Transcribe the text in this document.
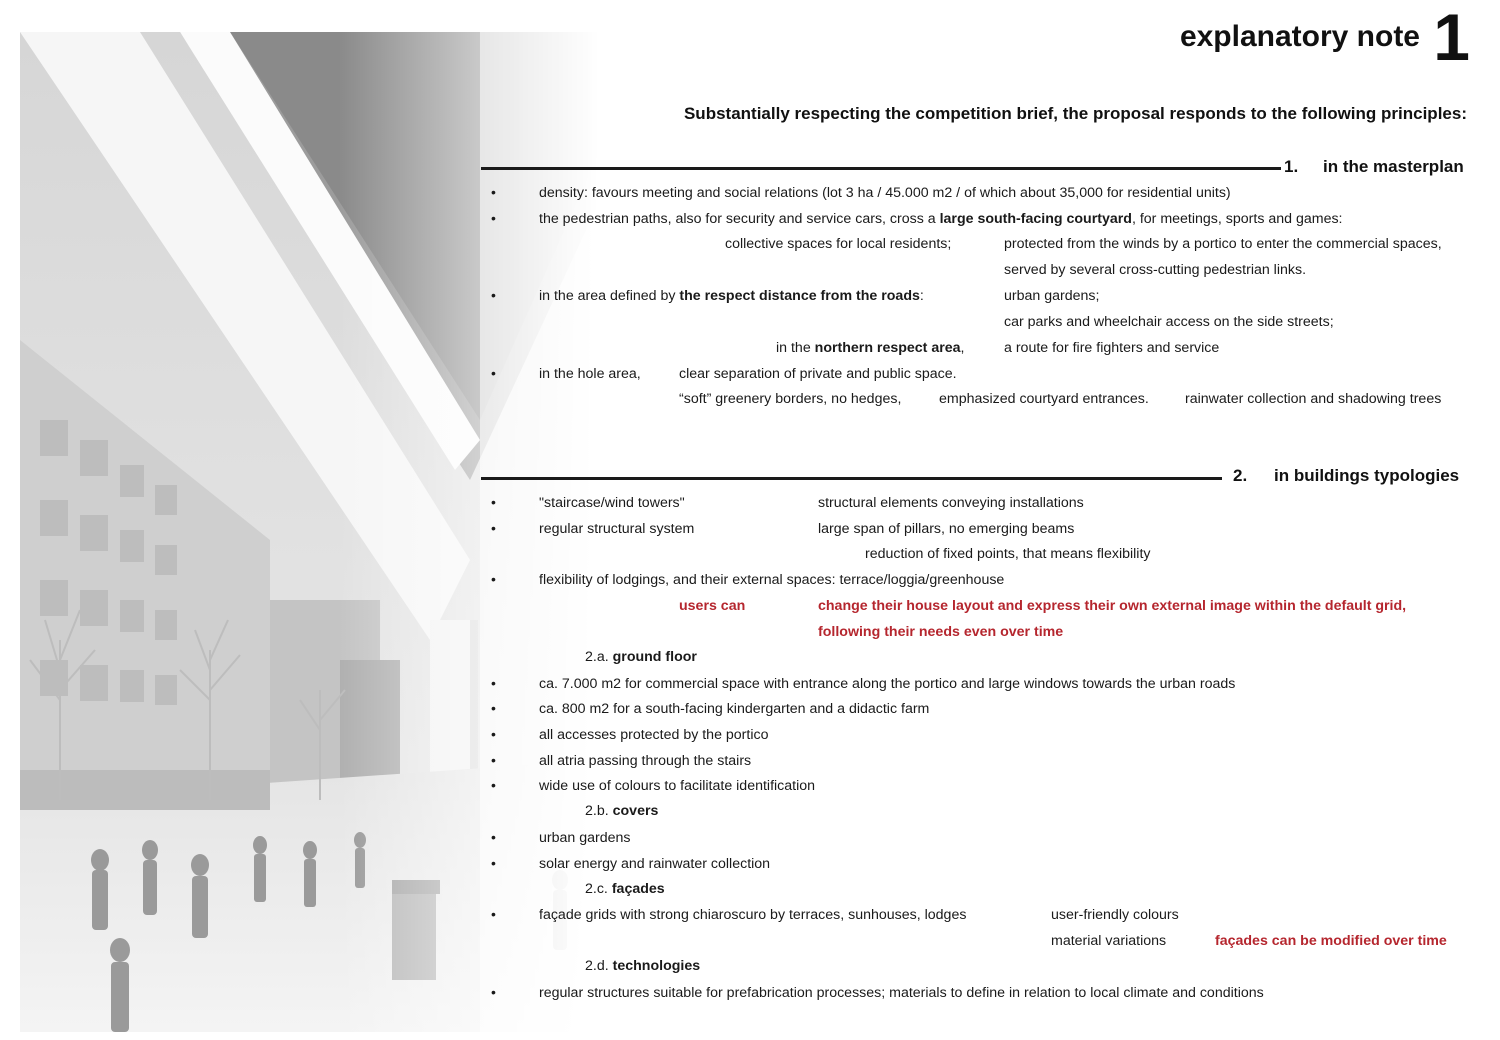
explanatory note 1
Substantially respecting the competition brief, the proposal responds to the following principles:
1. in the masterplan
•	density: favours meeting and social relations (lot 3 ha / 45.000 m2 / of which about 35,000 for residential units)
•	the pedestrian paths, also for security and service cars, cross a large south-facing courtyard, for meetings, sports and games:
collective spaces for local residents;	protected from the winds by a portico to enter the commercial spaces,
served by several cross-cutting pedestrian links.
•	in the area defined by the respect distance from the roads:	urban gardens;
car parks and wheelchair access on the side streets;
in the northern respect area,	a route for fire fighters and service
•	in the hole area,	clear separation of private and public space.
“soft” greenery borders, no hedges,	emphasized courtyard entrances.	rainwater collection and shadowing trees
2. in buildings typologies
•	"staircase/wind towers"	structural elements conveying installations
•	regular structural system	large span of pillars, no emerging beams
reduction of fixed points, that means flexibility
•	flexibility of lodgings, and their external spaces: terrace/loggia/greenhouse
users can	change their house layout and express their own external image within the default grid,
following their needs even over time
2.a. ground floor
•	ca. 7.000 m2 for commercial space with entrance along the portico and large windows towards the urban roads
•	ca. 800 m2 for a south-facing kindergarten and a didactic farm
•	all accesses protected by the portico
•	all atria passing through the stairs
•	wide use of colours to facilitate identification
2.b. covers
•	urban gardens
•	solar energy and rainwater collection
2.c. façades
•	façade grids with strong chiaroscuro by terraces, sunhouses, lodges	user-friendly colours
material variations	façades can be modified over time
2.d. technologies
•	regular structures suitable for prefabrication processes; materials to define in relation to local climate and conditions
